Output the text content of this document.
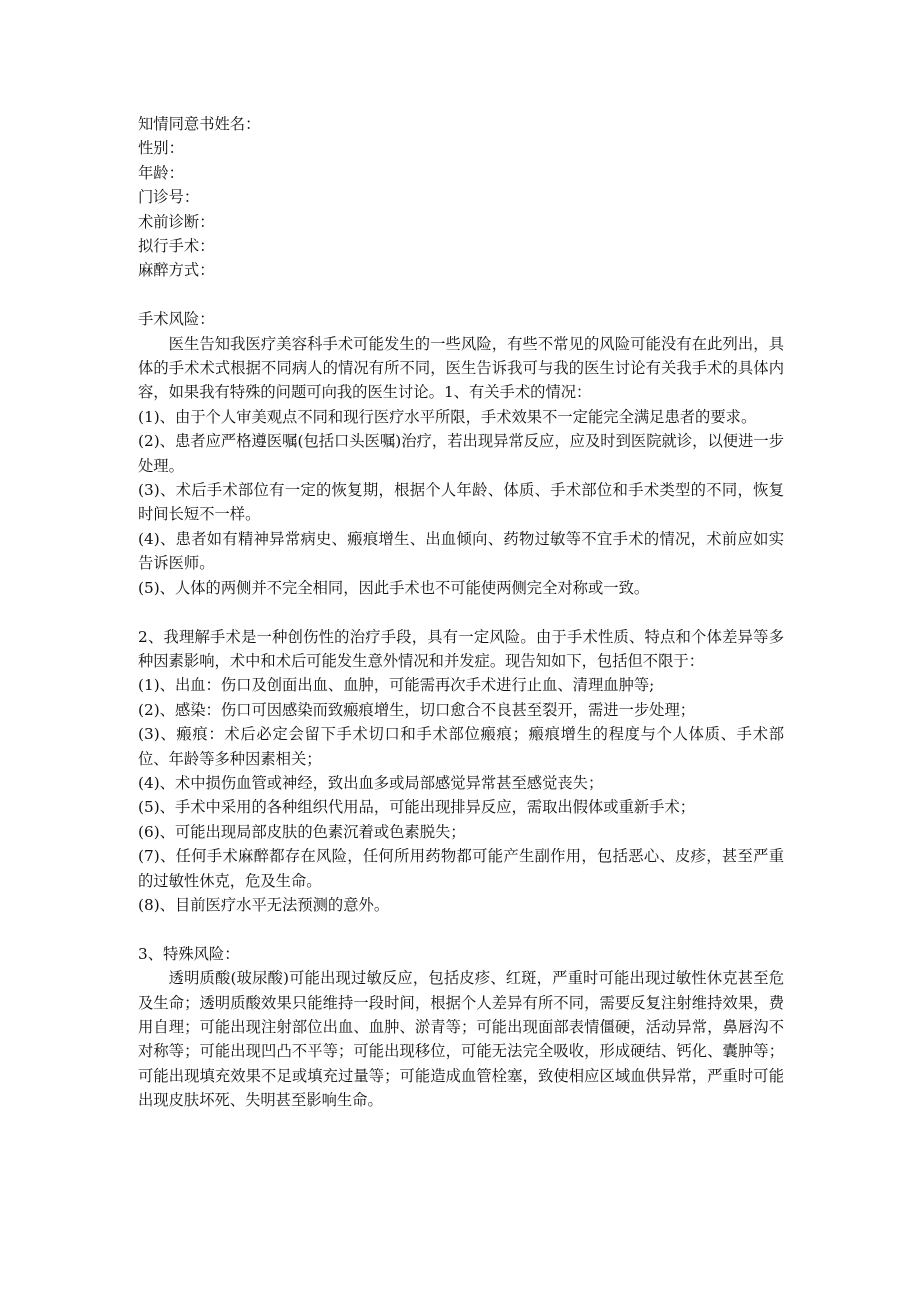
知情同意书姓名：

性别：

年龄：

门诊号：

术前诊断：

拟行手术：

麻醉方式：

手术风险：

医生告知我医疗美容科手术可能发生的一些风险，有些不常见的风险可能没有在此列出，具体的手术术式根据不同病人的情况有所不同，医生告诉我可与我的医生讨论有关我手术的具体内容，如果我有特殊的问题可向我的医生讨论。1、有关手术的情况：

(1)、由于个人审美观点不同和现行医疗水平所限，手术效果不一定能完全满足患者的要求。

(2)、患者应严格遵医嘱(包括口头医嘱)治疗，若出现异常反应，应及时到医院就诊，以便进一步处理。

(3)、术后手术部位有一定的恢复期，根据个人年龄、体质、手术部位和手术类型的不同，恢复时间长短不一样。

(4)、患者如有精神异常病史、瘢痕增生、出血倾向、药物过敏等不宜手术的情况，术前应如实告诉医师。

(5)、人体的两侧并不完全相同，因此手术也不可能使两侧完全对称或一致。

2、我理解手术是一种创伤性的治疗手段，具有一定风险。由于手术性质、特点和个体差异等多种因素影响，术中和术后可能发生意外情况和并发症。现告知如下，包括但不限于：

(1)、出血：伤口及创面出血、血肿，可能需再次手术进行止血、清理血肿等;

(2)、感染：伤口可因感染而致瘢痕增生，切口愈合不良甚至裂开，需进一步处理；

(3)、瘢痕：术后必定会留下手术切口和手术部位瘢痕；瘢痕增生的程度与个人体质、手术部位、年龄等多种因素相关；

(4)、术中损伤血管或神经，致出血多或局部感觉异常甚至感觉丧失；

(5)、手术中采用的各种组织代用品，可能出现排异反应，需取出假体或重新手术；

(6)、可能出现局部皮肤的色素沉着或色素脱失；

(7)、任何手术麻醉都存在风险，任何所用药物都可能产生副作用，包括恶心、皮疹，甚至严重的过敏性休克，危及生命。

(8)、目前医疗水平无法预测的意外。

3、特殊风险：

透明质酸(玻尿酸)可能出现过敏反应，包括皮疹、红斑，严重时可能出现过敏性休克甚至危及生命；透明质酸效果只能维持一段时间，根据个人差异有所不同，需要反复注射维持效果，费用自理；可能出现注射部位出血、血肿、淤青等；可能出现面部表情僵硬，活动异常，鼻唇沟不对称等；可能出现凹凸不平等；可能出现移位，可能无法完全吸收，形成硬结、钙化、囊肿等；可能出现填充效果不足或填充过量等；可能造成血管栓塞，致使相应区域血供异常，严重时可能出现皮肤坏死、失明甚至影响生命。
